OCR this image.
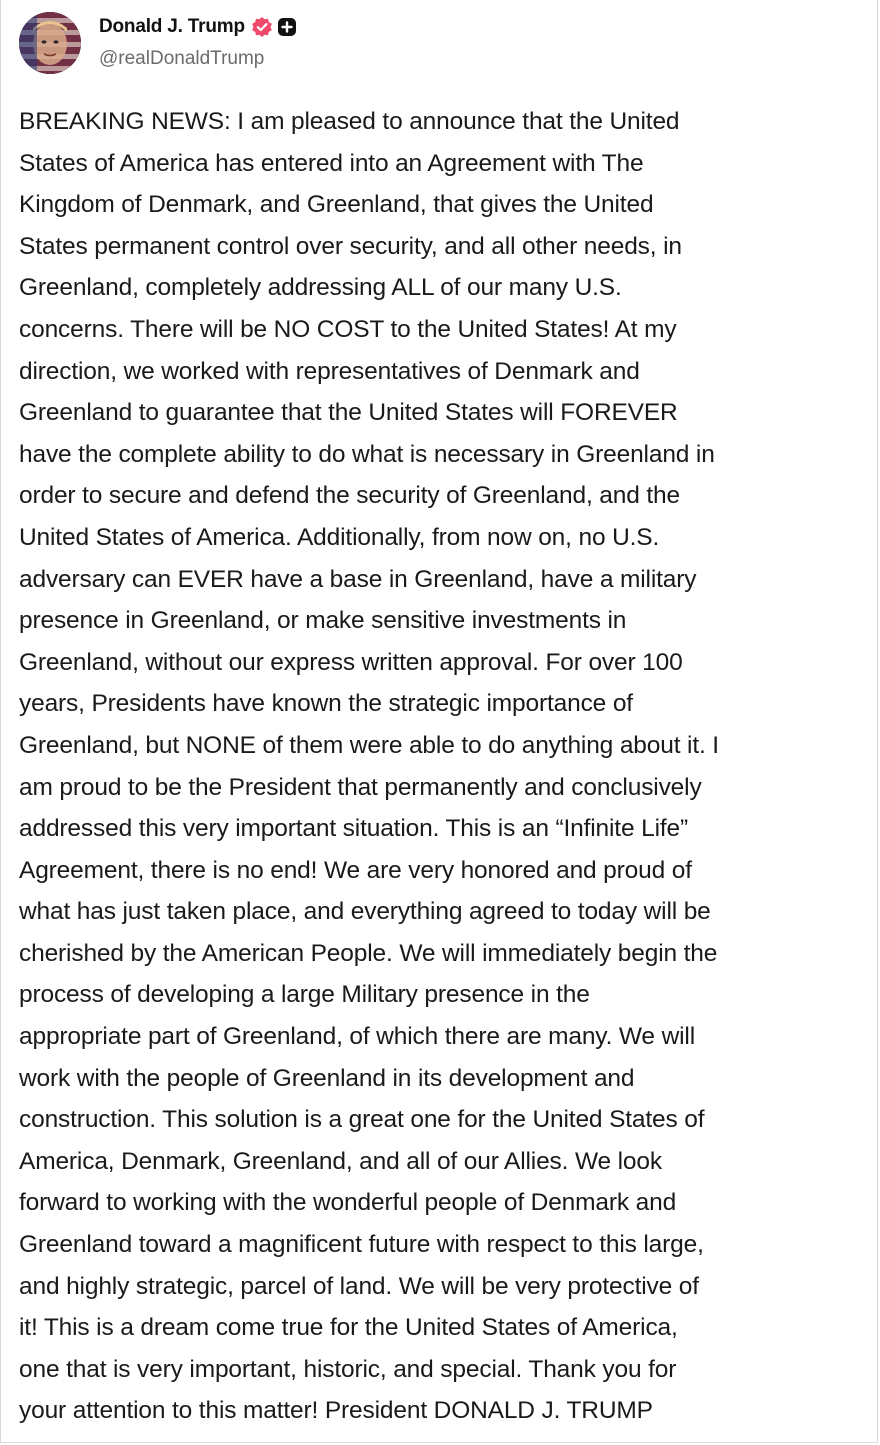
Donald J. Trump
@realDonaldTrump
BREAKING NEWS: I am pleased to announce that the United
States of America has entered into an Agreement with The
Kingdom of Denmark, and Greenland, that gives the United
States permanent control over security, and all other needs, in
Greenland, completely addressing ALL of our many U.S.
concerns. There will be NO COST to the United States! At my
direction, we worked with representatives of Denmark and
Greenland to guarantee that the United States will FOREVER
have the complete ability to do what is necessary in Greenland in
order to secure and defend the security of Greenland, and the
United States of America. Additionally, from now on, no U.S.
adversary can EVER have a base in Greenland, have a military
presence in Greenland, or make sensitive investments in
Greenland, without our express written approval. For over 100
years, Presidents have known the strategic importance of
Greenland, but NONE of them were able to do anything about it. I
am proud to be the President that permanently and conclusively
addressed this very important situation. This is an “Infinite Life”
Agreement, there is no end! We are very honored and proud of
what has just taken place, and everything agreed to today will be
cherished by the American People. We will immediately begin the
process of developing a large Military presence in the
appropriate part of Greenland, of which there are many. We will
work with the people of Greenland in its development and
construction. This solution is a great one for the United States of
America, Denmark, Greenland, and all of our Allies. We look
forward to working with the wonderful people of Denmark and
Greenland toward a magnificent future with respect to this large,
and highly strategic, parcel of land. We will be very protective of
it! This is a dream come true for the United States of America,
one that is very important, historic, and special. Thank you for
your attention to this matter! President DONALD J. TRUMP
